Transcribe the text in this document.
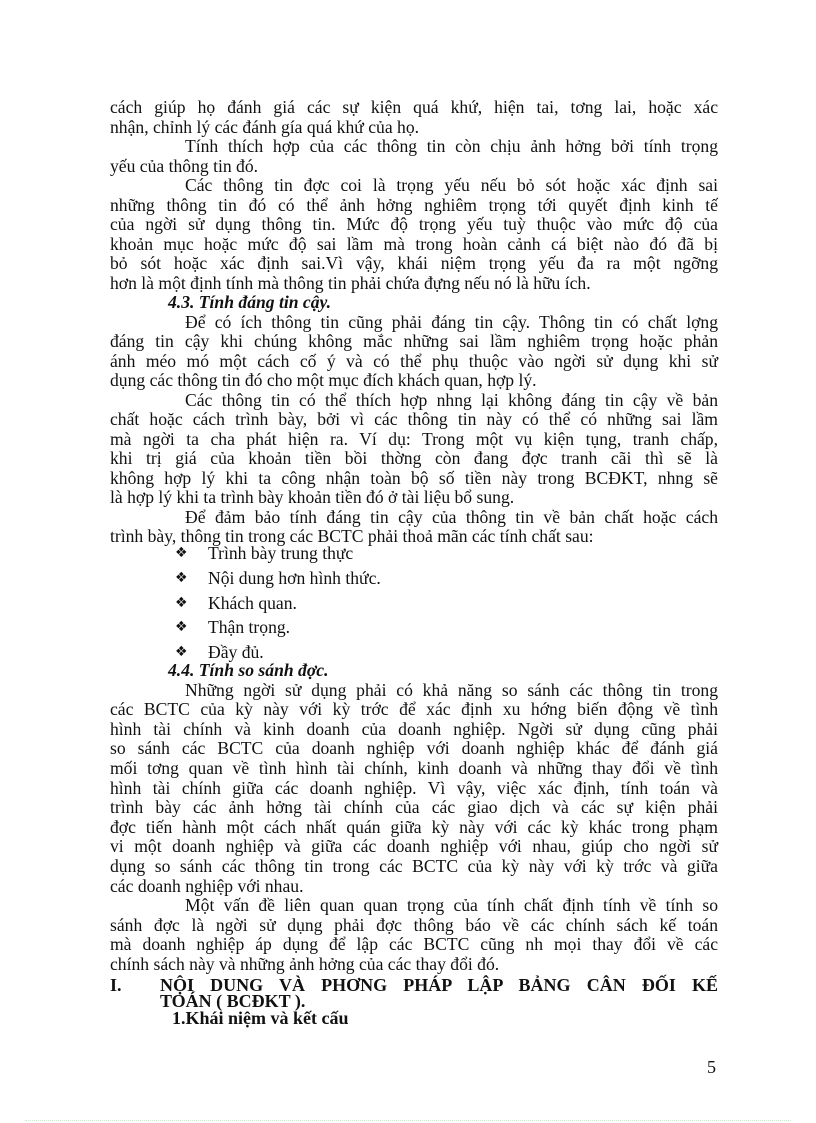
cách giúp họ đánh giá các sự kiện quá khứ, hiện tai, tơng lai, hoặc xác
nhận, chỉnh lý các đánh gía quá khứ của họ.
Tính thích hợp của các thông tin còn chịu ảnh hởng bởi tính trọng
yếu của thông tin đó.
Các thông tin đợc coi là trọng yếu nếu bỏ sót hoặc xác định sai
những thông tin đó có thể ảnh hởng nghiêm trọng tới quyết định kinh tế
của ngời sử dụng thông tin. Mức độ trọng yếu tuỳ thuộc vào mức độ của
khoản mục hoặc mức độ sai lầm mà trong hoàn cảnh cá biệt nào đó đã bị
bỏ sót hoặc xác định sai.Vì vậy, khái niệm trọng yếu đa ra một ngỡng
hơn là một định tính mà thông tin phải chứa đựng nếu nó là hữu ích.
4.3. Tính đáng tin cậy.
Để có ích thông tin cũng phải đáng tin cậy. Thông tin có chất lợng
đáng tin cậy khi chúng không mắc những sai lầm nghiêm trọng hoặc phản
ánh méo mó một cách cố ý và có thể phụ thuộc vào ngời sử dụng khi sử
dụng các thông tin đó cho một mục đích khách quan, hợp lý.
Các thông tin có thể thích hợp nhng lại không đáng tin cậy về bản
chất hoặc cách trình bày, bởi vì các thông tin này có thể có những sai lầm
mà ngời ta cha phát hiện ra. Ví dụ: Trong một vụ kiện tụng, tranh chấp,
khi trị giá của khoản tiền bồi thờng còn đang đợc tranh cãi thì sẽ là
không hợp lý khi ta công nhận toàn bộ số tiền này trong BCĐKT, nhng sẽ
là hợp lý khi ta trình bày khoản tiền đó ở tài liệu bổ sung.
Để đảm bảo tính đáng tin cậy của thông tin về bản chất hoặc cách
trình bày, thông tin trong các BCTC phải thoả mãn các tính chất sau:
❖	Trình bày trung thực
❖	Nội dung hơn hình thức.
❖	Khách quan.
❖	Thận trọng.
❖	Đầy đủ.
4.4. Tính so sánh đợc.
Những ngời sử dụng phải có khả năng so sánh các thông tin trong
các BCTC của kỳ này với kỳ trớc để xác định xu hớng biến động về tình
hình tài chính và kinh doanh của doanh nghiệp. Ngời sử dụng cũng phải
so sánh các BCTC của doanh nghiệp với doanh nghiệp khác để đánh giá
mối tơng quan về tình hình tài chính, kinh doanh và những thay đổi về tình
hình tài chính giữa các doanh nghiệp. Vì vậy, việc xác định, tính toán và
trình bày các ảnh hởng tài chính của các giao dịch và các sự kiện phải
đợc tiến hành một cách nhất quán giữa kỳ này với các kỳ khác trong phạm
vi một doanh nghiệp và giữa các doanh nghiệp với nhau, giúp cho ngời sử
dụng so sánh các thông tin trong các BCTC của kỳ này với kỳ trớc và giữa
các doanh nghiệp với nhau.
Một vấn đề liên quan quan trọng của tính chất định tính về tính so
sánh đợc là ngời sử dụng phải đợc thông báo về các chính sách kế toán
mà doanh nghiệp áp dụng để lập các BCTC cũng nh mọi thay đổi về các
chính sách này và những ảnh hởng của các thay đổi đó.
I.	NỘI DUNG VÀ PHƠNG PHÁP LẬP BẢNG CÂN ĐỐI KẾ
TOÁN ( BCĐKT ).
1.Khái niệm và kết cấu
5
